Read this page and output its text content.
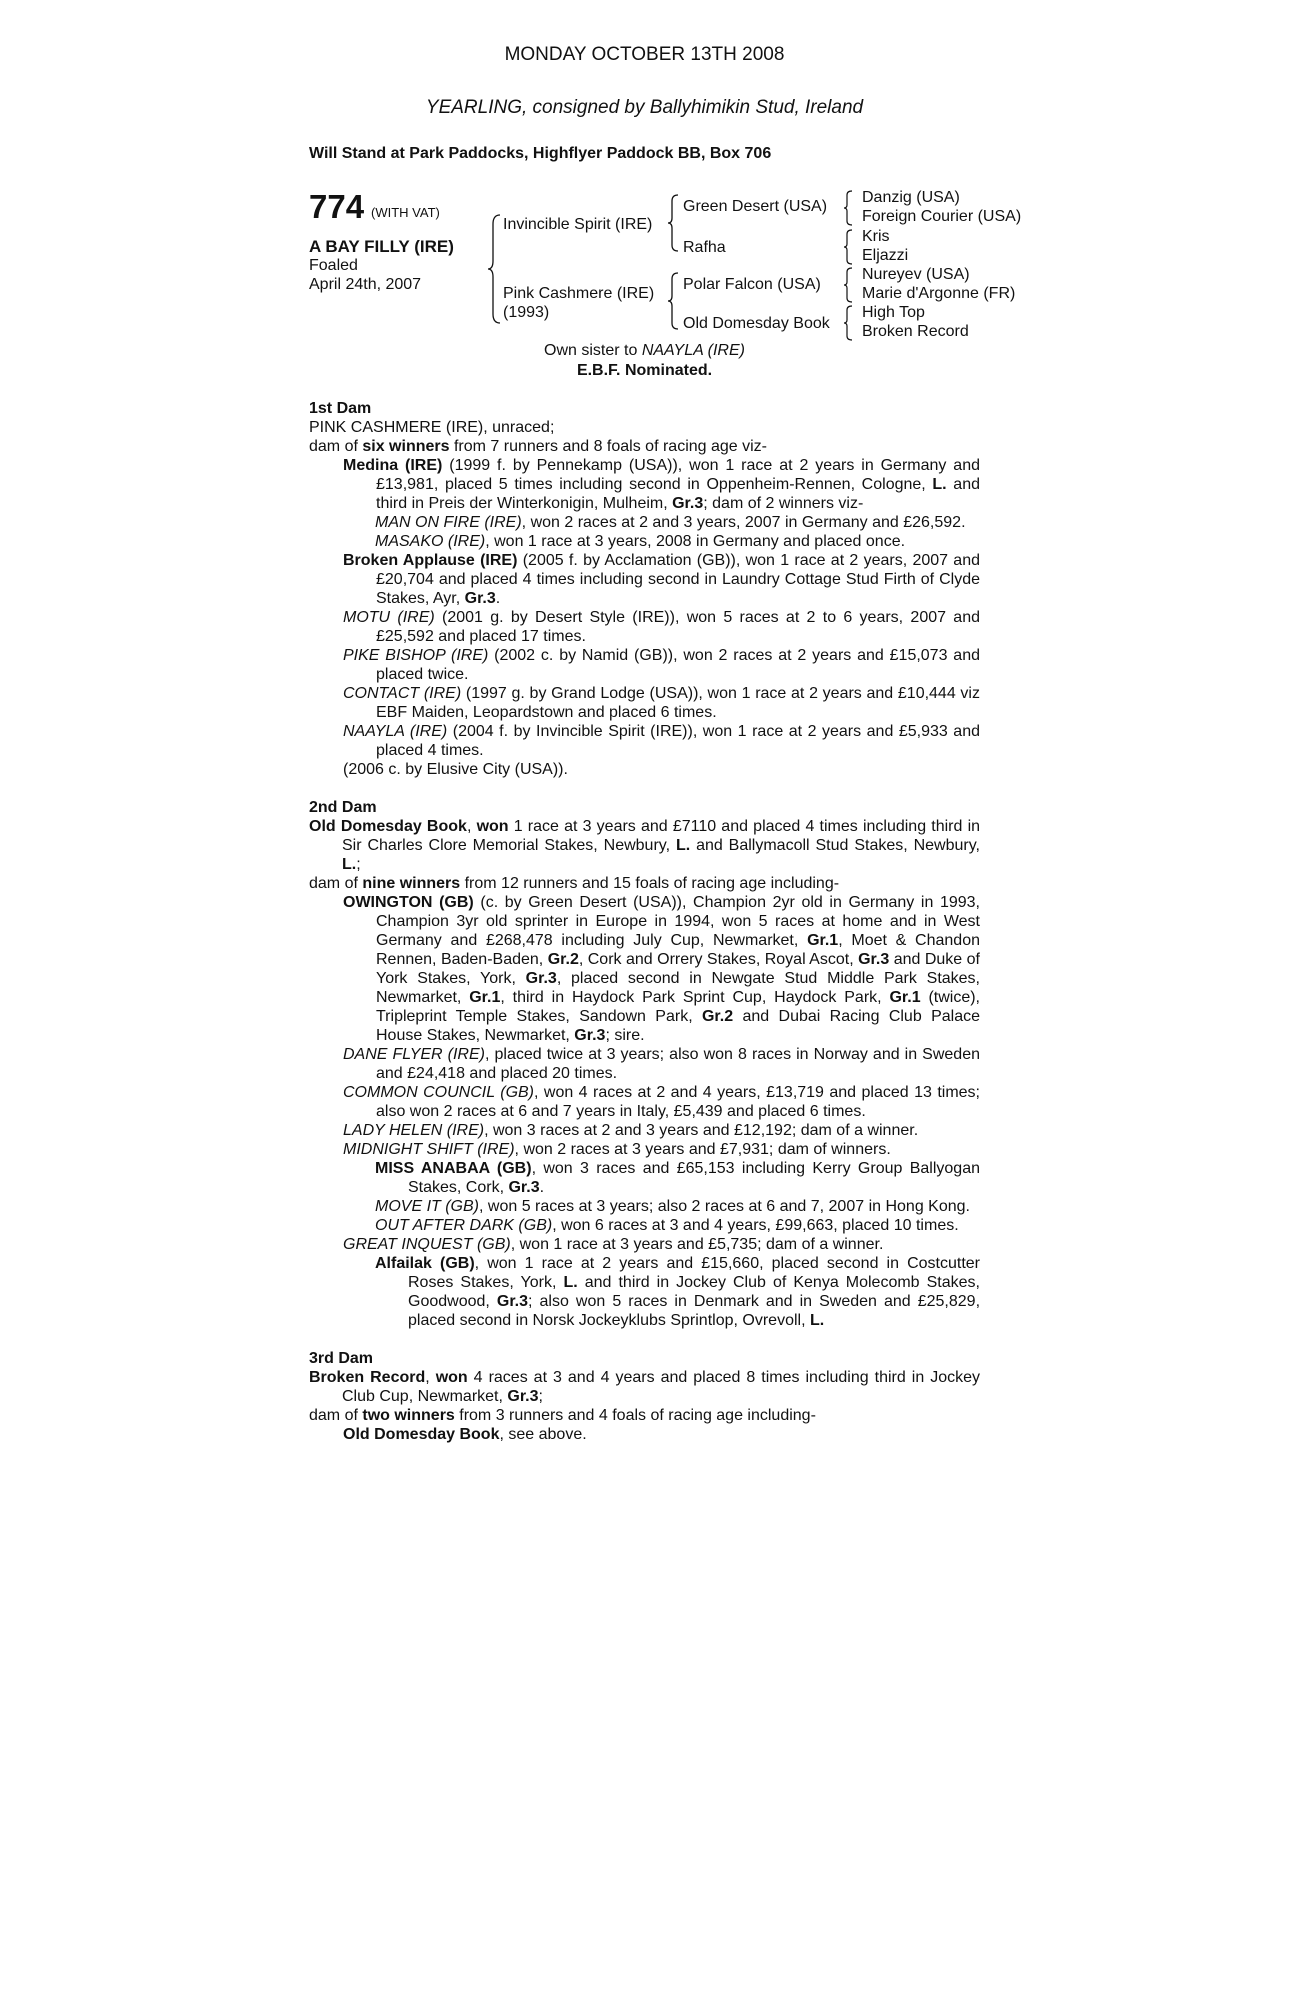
MONDAY OCTOBER 13TH 2008
YEARLING, consigned by Ballyhimikin Stud, Ireland
Will Stand at Park Paddocks, Highflyer Paddock BB, Box 706
774 (WITH VAT)
A BAY FILLY (IRE)
Foaled
April 24th, 2007
Invincible Spirit (IRE)
Pink Cashmere (IRE)
(1993)
Green Desert (USA)
Rafha
Polar Falcon (USA)
Old Domesday Book
Danzig (USA)
Foreign Courier (USA)
Kris
Eljazzi
Nureyev (USA)
Marie d'Argonne (FR)
High Top
Broken Record
Own sister to NAAYLA (IRE)
E.B.F. Nominated.
1st Dam
PINK CASHMERE (IRE), unraced;
dam of six winners from 7 runners and 8 foals of racing age viz-
Medina (IRE) (1999 f. by Pennekamp (USA)), won 1 race at 2 years in Germany and £13,981, placed 5 times including second in Oppenheim-Rennen, Cologne, L. and third in Preis der Winterkonigin, Mulheim, Gr.3; dam of 2 winners viz-
MAN ON FIRE (IRE), won 2 races at 2 and 3 years, 2007 in Germany and £26,592.
MASAKO (IRE), won 1 race at 3 years, 2008 in Germany and placed once.
Broken Applause (IRE) (2005 f. by Acclamation (GB)), won 1 race at 2 years, 2007 and £20,704 and placed 4 times including second in Laundry Cottage Stud Firth of Clyde Stakes, Ayr, Gr.3.
MOTU (IRE) (2001 g. by Desert Style (IRE)), won 5 races at 2 to 6 years, 2007 and £25,592 and placed 17 times.
PIKE BISHOP (IRE) (2002 c. by Namid (GB)), won 2 races at 2 years and £15,073 and placed twice.
CONTACT (IRE) (1997 g. by Grand Lodge (USA)), won 1 race at 2 years and £10,444 viz EBF Maiden, Leopardstown and placed 6 times.
NAAYLA (IRE) (2004 f. by Invincible Spirit (IRE)), won 1 race at 2 years and £5,933 and placed 4 times.
(2006 c. by Elusive City (USA)).
2nd Dam
Old Domesday Book, won 1 race at 3 years and £7110 and placed 4 times including third in Sir Charles Clore Memorial Stakes, Newbury, L. and Ballymacoll Stud Stakes, Newbury, L.;
dam of nine winners from 12 runners and 15 foals of racing age including-
OWINGTON (GB) (c. by Green Desert (USA)), Champion 2yr old in Germany in 1993, Champion 3yr old sprinter in Europe in 1994, won 5 races at home and in West Germany and £268,478 including July Cup, Newmarket, Gr.1, Moet & Chandon Rennen, Baden-Baden, Gr.2, Cork and Orrery Stakes, Royal Ascot, Gr.3 and Duke of York Stakes, York, Gr.3, placed second in Newgate Stud Middle Park Stakes, Newmarket, Gr.1, third in Haydock Park Sprint Cup, Haydock Park, Gr.1 (twice), Tripleprint Temple Stakes, Sandown Park, Gr.2 and Dubai Racing Club Palace House Stakes, Newmarket, Gr.3; sire.
DANE FLYER (IRE), placed twice at 3 years; also won 8 races in Norway and in Sweden and £24,418 and placed 20 times.
COMMON COUNCIL (GB), won 4 races at 2 and 4 years, £13,719 and placed 13 times; also won 2 races at 6 and 7 years in Italy, £5,439 and placed 6 times.
LADY HELEN (IRE), won 3 races at 2 and 3 years and £12,192; dam of a winner.
MIDNIGHT SHIFT (IRE), won 2 races at 3 years and £7,931; dam of winners.
MISS ANABAA (GB), won 3 races and £65,153 including Kerry Group Ballyogan Stakes, Cork, Gr.3.
MOVE IT (GB), won 5 races at 3 years; also 2 races at 6 and 7, 2007 in Hong Kong.
OUT AFTER DARK (GB), won 6 races at 3 and 4 years, £99,663, placed 10 times.
GREAT INQUEST (GB), won 1 race at 3 years and £5,735; dam of a winner.
Alfailak (GB), won 1 race at 2 years and £15,660, placed second in Costcutter Roses Stakes, York, L. and third in Jockey Club of Kenya Molecomb Stakes, Goodwood, Gr.3; also won 5 races in Denmark and in Sweden and £25,829, placed second in Norsk Jockeyklubs Sprintlop, Ovrevoll, L.
3rd Dam
Broken Record, won 4 races at 3 and 4 years and placed 8 times including third in Jockey Club Cup, Newmarket, Gr.3;
dam of two winners from 3 runners and 4 foals of racing age including-
Old Domesday Book, see above.
